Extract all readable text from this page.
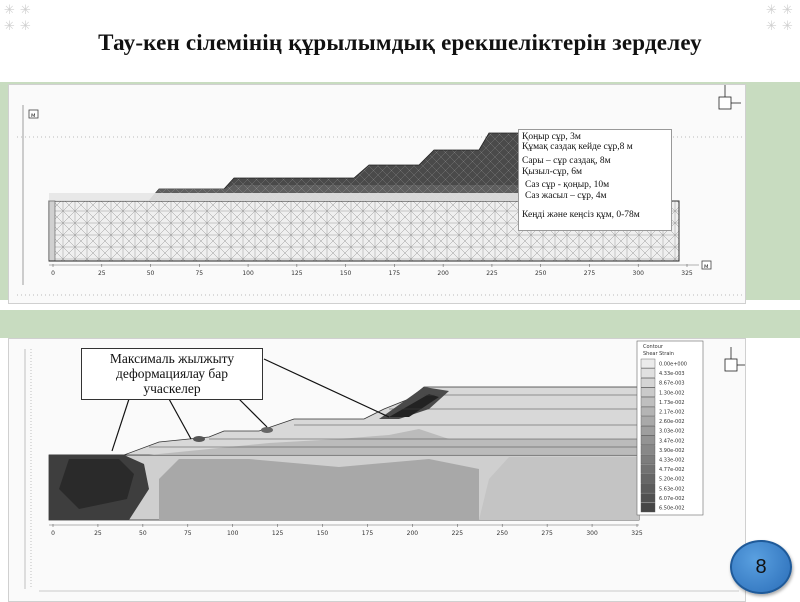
✳ ✳
✳ ✳
✳ ✳
✳ ✳
Тау-кен сілемінің құрылымдық ерекшеліктерін зерделеу
м
0	25	50	75	100	125	150	175	200	225	250	275	300	325
м
Қоңыр сұр, 3м
Құмақ саздақ кейде сұр,8 м
Сары – сұр саздақ, 8м
Қызыл-сұр, 6м
Саз сұр - қоңыр, 10м
Саз жасыл – сұр, 4м
Кеңді және кеңсіз құм, 0-78м
0	25	50	75	100	125	150	175	200	225	250	275	300	325
Contour
Shear Strain
0.00e+000
4.33e-003
8.67e-003
1.30e-002
1.73e-002
2.17e-002
2.60e-002
3.03e-002
3.47e-002
3.90e-002
4.33e-002
4.77e-002
5.20e-002
5.63e-002
6.07e-002
6.50e-002
Максималь жылжыту
деформациялау бар
учаскелер
8
